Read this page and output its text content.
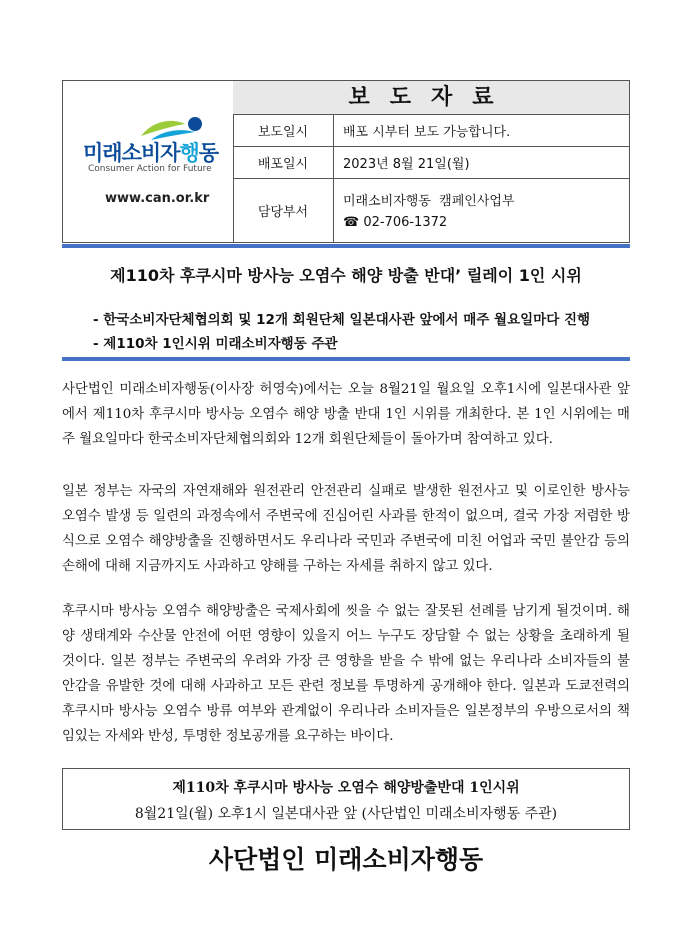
미래소비자행동
Consumer Action for Future
www.can.or.kr
보도자료
보도일시	배포 시부터 보도 가능합니다.
배포일시	2023년 8월 21일(월)
담당부서
미래소비자행동  캠페인사업부
☎ 02-706-1372
제110차 후쿠시마 방사능 오염수 해양 방출 반대’ 릴레이 1인 시위
- 한국소비자단체협의회 및 12개 회원단체 일본대사관 앞에서 매주 월요일마다 진행
- 제110차 1인시위 미래소비자행동 주관
사단법인 미래소비자행동(이사장 허영숙)에서는 오늘 8월21일 월요일 오후1시에 일본대사관 앞에서 제110차 후쿠시마 방사능 오염수 해양 방출 반대 1인 시위를 개최한다. 본 1인 시위에는 매주 월요일마다 한국소비자단체협의회와 12개 회원단체들이 돌아가며 참여하고 있다.
일본 정부는 자국의 자연재해와 원전관리 안전관리 실패로 발생한 원전사고 및 이로인한 방사능 오염수 발생 등 일련의 과정속에서 주변국에 진심어린 사과를 한적이 없으며, 결국 가장 저렴한 방식으로 오염수 해양방출을 진행하면서도 우리나라 국민과 주변국에 미친 어업과 국민 불안감 등의 손해에 대해 지금까지도 사과하고 양해를 구하는 자세를 취하지 않고 있다.
후쿠시마 방사능 오염수 해양방출은 국제사회에 씻을 수 없는 잘못된 선례를 남기게 될것이며. 해양 생태계와 수산물 안전에 어떤 영향이 있을지 어느 누구도 장담할 수 없는 상황을 초래하게 될 것이다. 일본 정부는 주변국의 우려와 가장 큰 영향을 받을 수 밖에 없는 우리나라 소비자들의 불안감을 유발한 것에 대해 사과하고 모든 관련 정보를 투명하게 공개해야 한다. 일본과 도쿄전력의 후쿠시마 방사능 오염수 방류 여부와 관계없이 우리나라 소비자들은 일본정부의 우방으로서의 책임있는 자세와 반성, 투명한 정보공개를 요구하는 바이다.
제110차 후쿠시마 방사능 오염수 해양방출반대 1인시위
8월21일(월) 오후1시 일본대사관 앞 (사단법인 미래소비자행동 주관)
사단법인 미래소비자행동
